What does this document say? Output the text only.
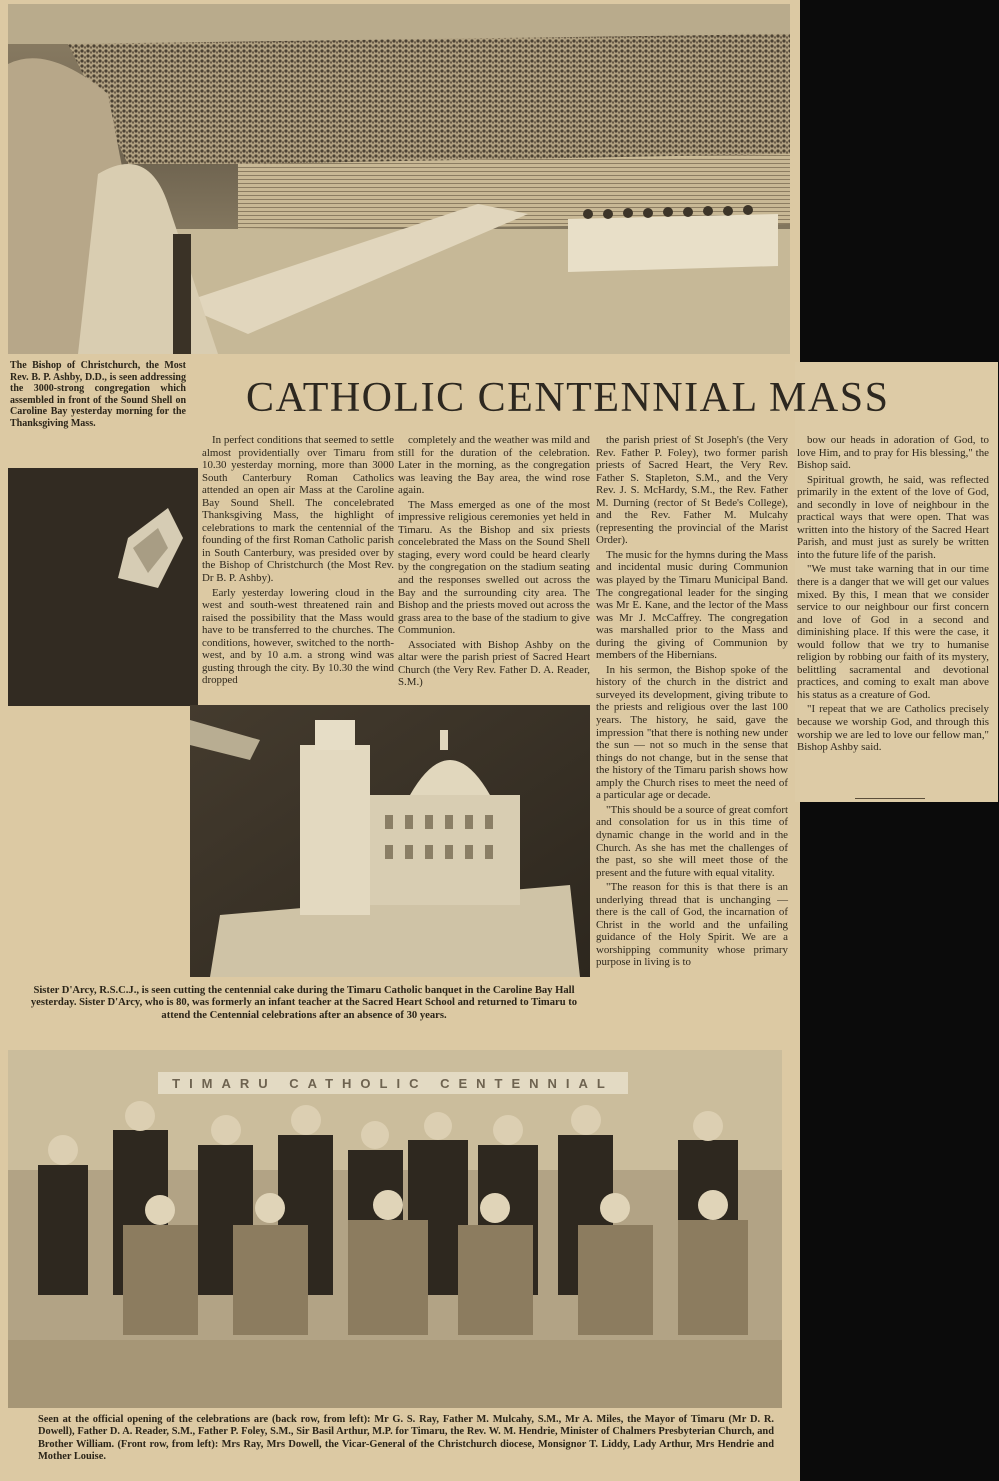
The Bishop of Christchurch, the Most Rev. B. P. Ashby, D.D., is seen addressing the 3000-strong congregation which assembled in front of the Sound Shell on Caroline Bay yesterday morning for the Thanksgiving Mass.
CATHOLIC CENTENNIAL MASS
Sister D'Arcy, R.S.C.J., is seen cutting the centennial cake during the Timaru Catholic banquet in the Caroline Bay Hall yesterday. Sister D'Arcy, who is 80, was formerly an infant teacher at the Sacred Heart School and returned to Timaru to attend the Centennial celebrations after an absence of 30 years.
TIMARU CATHOLIC CENTENNIAL
Seen at the official opening of the celebrations are (back row, from left): Mr G. S. Ray, Father M. Mulcahy, S.M., Mr A. Miles, the Mayor of Timaru (Mr D. R. Dowell), Father D. A. Reader, S.M., Father P. Foley, S.M., Sir Basil Arthur, M.P. for Timaru, the Rev. W. M. Hendrie, Minister of Chalmers Presbyterian Church, and Brother William. (Front row, from left): Mrs Ray, Mrs Dowell, the Vicar-General of the Christchurch diocese, Monsignor T. Liddy, Lady Arthur, Mrs Hendrie and Mother Louise.

In perfect conditions that seemed to settle almost providentially over Timaru from 10.30 yesterday morning, more than 3000 South Canterbury Roman Catholics attended an open air Mass at the Caroline Bay Sound Shell. The concelebrated Thanksgiving Mass, the highlight of celebrations to mark the centennial of the founding of the first Roman Catholic parish in South Canterbury, was presided over by the Bishop of Christchurch (the Most Rev. Dr B. P. Ashby).

Early yesterday lowering cloud in the west and south-west threatened rain and raised the possibility that the Mass would have to be transferred to the churches. The conditions, however, switched to the north-west, and by 10 a.m. a strong wind was gusting through the city. By 10.30 the wind dropped

completely and the weather was mild and still for the duration of the celebration. Later in the morning, as the congregation was leaving the Bay area, the wind rose again.

The Mass emerged as one of the most impressive religious ceremonies yet held in Timaru. As the Bishop and six priests concelebrated the Mass on the Sound Shell staging, every word could be heard clearly by the congregation on the stadium seating and the responses swelled out across the Bay and the surrounding city area. The Bishop and the priests moved out across the grass area to the base of the stadium to give Communion.

Associated with Bishop Ashby on the altar were the parish priest of Sacred Heart Church (the Very Rev. Father D. A. Reader, S.M.)

the parish priest of St Joseph's (the Very Rev. Father P. Foley), two former parish priests of Sacred Heart, the Very Rev. Father S. Stapleton, S.M., and the Very Rev. J. S. McHardy, S.M., the Rev. Father M. Durning (rector of St Bede's College), and the Rev. Father M. Mulcahy (representing the provincial of the Marist Order).

The music for the hymns during the Mass and incidental music during Communion was played by the Timaru Municipal Band. The congregational leader for the singing was Mr E. Kane, and the lector of the Mass was Mr J. McCaffrey. The congregation was marshalled prior to the Mass and during the giving of Communion by members of the Hibernians.

In his sermon, the Bishop spoke of the history of the church in the district and surveyed its development, giving tribute to the priests and religious over the last 100 years. The history, he said, gave the impression "that there is nothing new under the sun — not so much in the sense that things do not change, but in the sense that the history of the Timaru parish shows how amply the Church rises to meet the need of a particular age or decade.

"This should be a source of great comfort and consolation for us in this time of dynamic change in the world and in the Church. As she has met the challenges of the past, so she will meet those of the present and the future with equal vitality.

"The reason for this is that there is an underlying thread that is unchanging — there is the call of God, the incarnation of Christ in the world and the unfailing guidance of the Holy Spirit. We are a worshipping community whose primary purpose in living is to

bow our heads in adoration of God, to love Him, and to pray for His blessing," the Bishop said.

Spiritual growth, he said, was reflected primarily in the extent of the love of God, and secondly in love of neighbour in the practical ways that were open. That was written into the history of the Sacred Heart Parish, and must just as surely be written into the future life of the parish.

"We must take warning that in our time there is a danger that we will get our values mixed. By this, I mean that we consider service to our neighbour our first concern and love of God in a second and diminishing place. If this were the case, it would follow that we try to humanise religion by robbing our faith of its mystery, belittling sacramental and devotional practices, and coming to exalt man above his status as a creature of God.

"I repeat that we are Catholics precisely because we worship God, and through this worship we are led to love our fellow man," Bishop Ashby said.
